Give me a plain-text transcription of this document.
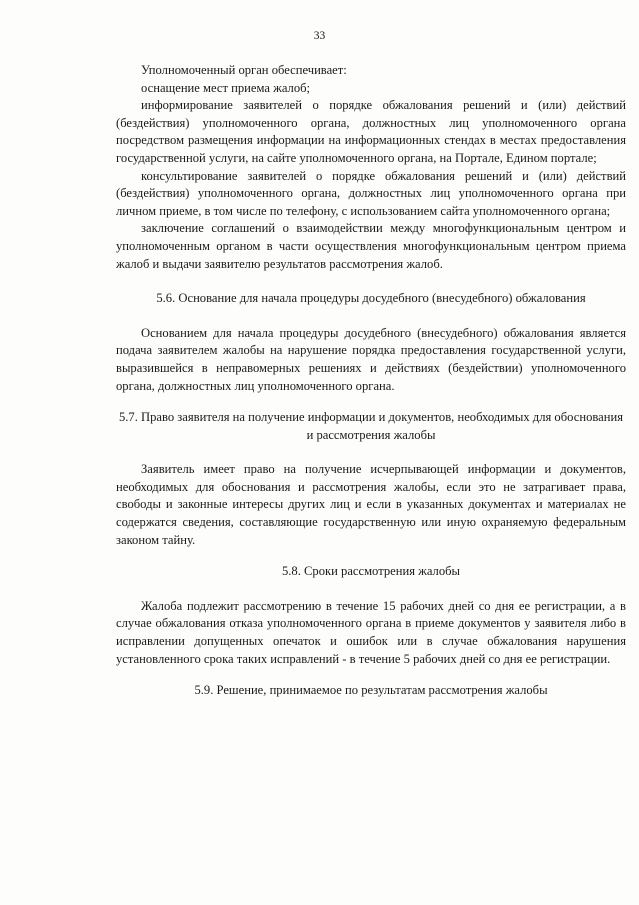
33

Уполномоченный орган обеспечивает:

оснащение мест приема жалоб;

информирование заявителей о порядке обжалования решений и (или) действий (бездействия) уполномоченного органа, должностных лиц уполномоченного органа посредством размещения информации на информационных стендах в местах предоставления государственной услуги, на сайте уполномоченного органа, на Портале, Едином портале;

консультирование заявителей о порядке обжалования решений и (или) действий (бездействия) уполномоченного органа, должностных лиц уполномоченного органа при личном приеме, в том числе по телефону, с использованием сайта уполномоченного органа;

заключение соглашений о взаимодействии между многофункциональным центром и уполномоченным органом в части осуществления многофункциональным центром приема жалоб и выдачи заявителю результатов рассмотрения жалоб.

5.6. Основание для начала процедуры досудебного (внесудебного) обжалования

Основанием для начала процедуры досудебного (внесудебного) обжалования является подача заявителем жалобы на нарушение порядка предоставления государственной услуги, выразившейся в неправомерных решениях и действиях (бездействии) уполномоченного органа, должностных лиц уполномоченного органа.

5.7. Право заявителя на получение информации и документов, необходимых для обоснования и рассмотрения жалобы

Заявитель имеет право на получение исчерпывающей информации и документов, необходимых для обоснования и рассмотрения жалобы, если это не затрагивает права, свободы и законные интересы других лиц и если в указанных документах и материалах не содержатся сведения, составляющие государственную или иную охраняемую федеральным законом тайну.

5.8. Сроки рассмотрения жалобы

Жалоба подлежит рассмотрению в течение 15 рабочих дней со дня ее регистрации, а в случае обжалования отказа уполномоченного органа в приеме документов у заявителя либо в исправлении допущенных опечаток и ошибок или в случае обжалования нарушения установленного срока таких исправлений - в течение 5 рабочих дней со дня ее регистрации.

5.9. Решение, принимаемое по результатам рассмотрения жалобы
